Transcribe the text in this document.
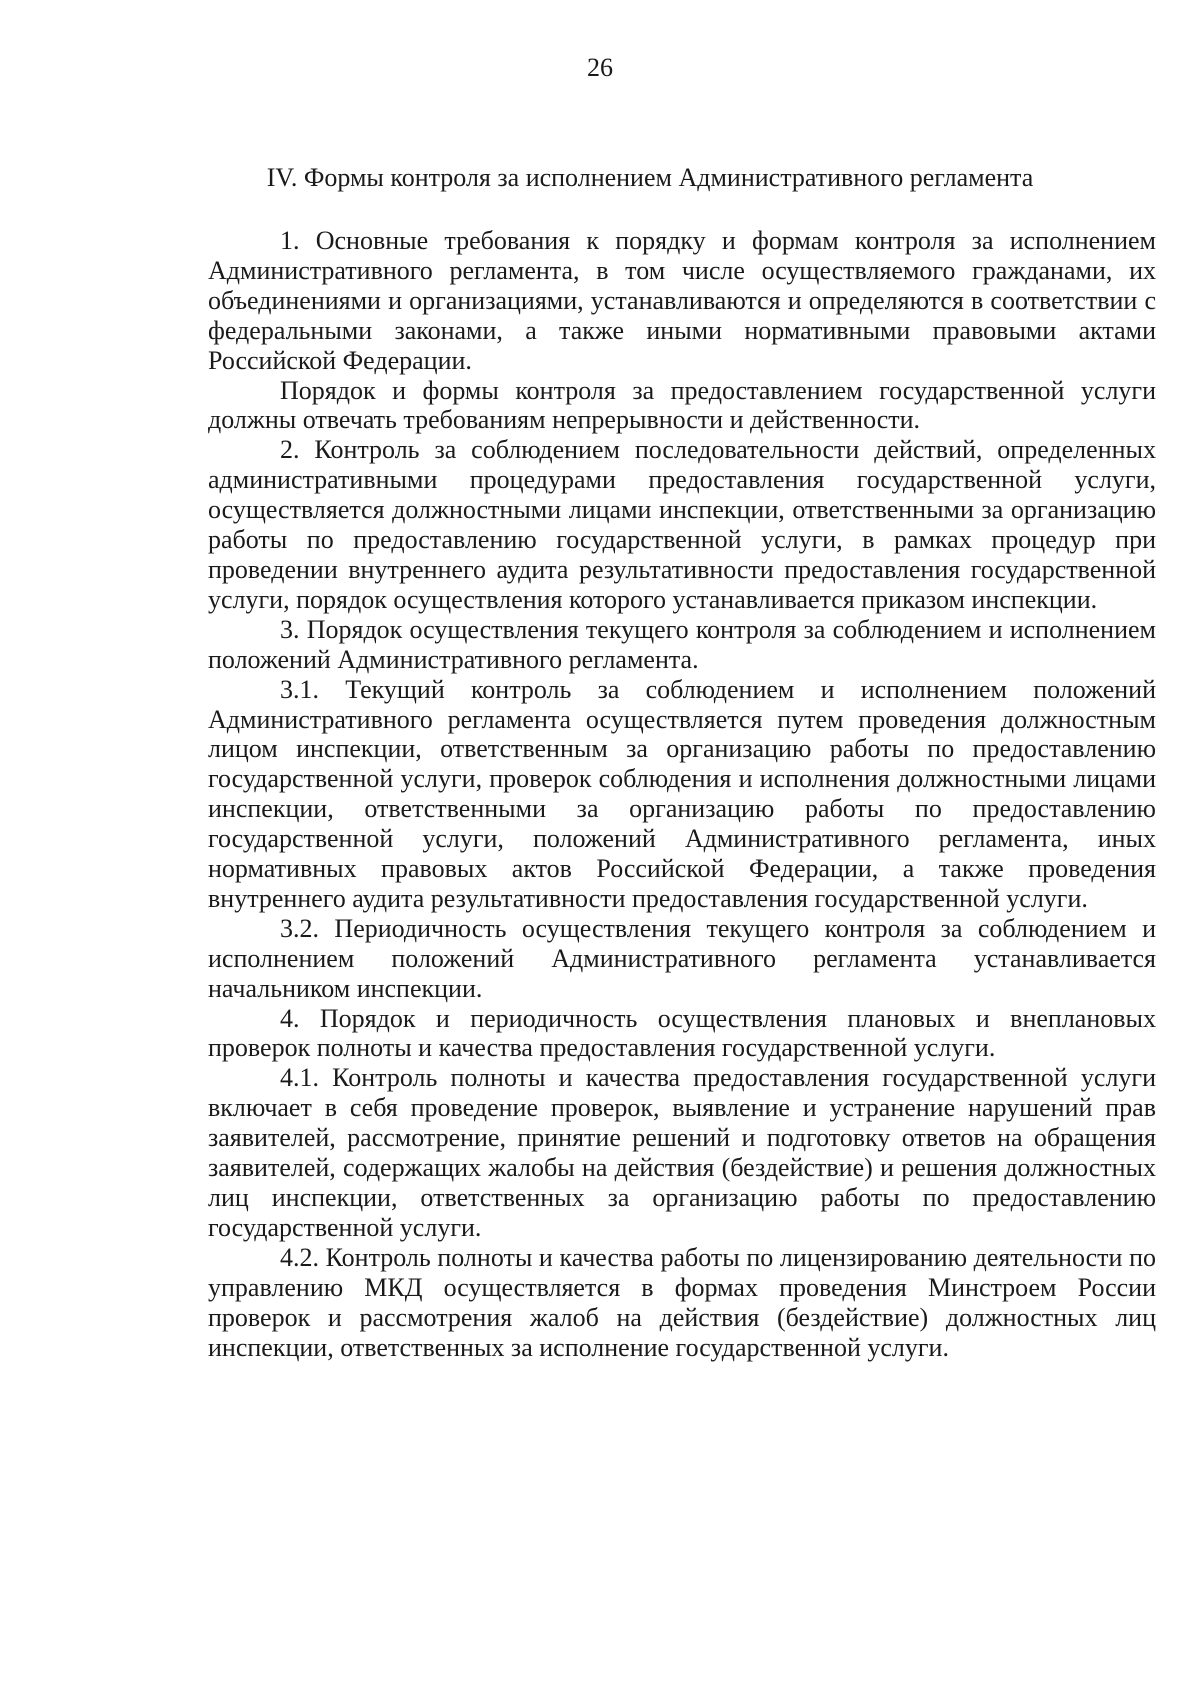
26
IV. Формы контроля за исполнением Административного регламента

1. Основные требования к порядку и формам контроля за исполнением Административного регламента, в том числе осуществляемого гражданами, их объединениями и организациями, устанавливаются и определяются в соответствии с федеральными законами, а также иными нормативными правовыми актами Российской Федерации.

Порядок и формы контроля за предоставлением государственной услуги должны отвечать требованиям непрерывности и действенности.

2. Контроль за соблюдением последовательности действий, определенных административными процедурами предоставления государственной услуги, осуществляется должностными лицами инспекции, ответственными за организацию работы по предоставлению государственной услуги, в рамках процедур при проведении внутреннего аудита результативности предоставления государственной услуги, порядок осуществления которого устанавливается приказом инспекции.

3. Порядок осуществления текущего контроля за соблюдением и исполнением положений Административного регламента.

3.1. Текущий контроль за соблюдением и исполнением положений Административного регламента осуществляется путем проведения должностным лицом инспекции, ответственным за организацию работы по предоставлению государственной услуги, проверок соблюдения и исполнения должностными лицами инспекции, ответственными за организацию работы по предоставлению государственной услуги, положений Административного регламента, иных нормативных правовых актов Российской Федерации, а также проведения внутреннего аудита результативности предоставления государственной услуги.

3.2. Периодичность осуществления текущего контроля за соблюдением и исполнением положений Административного регламента устанавливается начальником инспекции.

4. Порядок и периодичность осуществления плановых и внеплановых проверок полноты и качества предоставления государственной услуги.

4.1. Контроль полноты и качества предоставления государственной услуги включает в себя проведение проверок, выявление и устранение нарушений прав заявителей, рассмотрение, принятие решений и подготовку ответов на обращения заявителей, содержащих жалобы на действия (бездействие) и решения должностных лиц инспекции, ответственных за организацию работы по предоставлению государственной услуги.

4.2. Контроль полноты и качества работы по лицензированию деятельности по управлению МКД осуществляется в формах проведения Минстроем России проверок и рассмотрения жалоб на действия (бездействие) должностных лиц инспекции, ответственных за исполнение государственной услуги.
